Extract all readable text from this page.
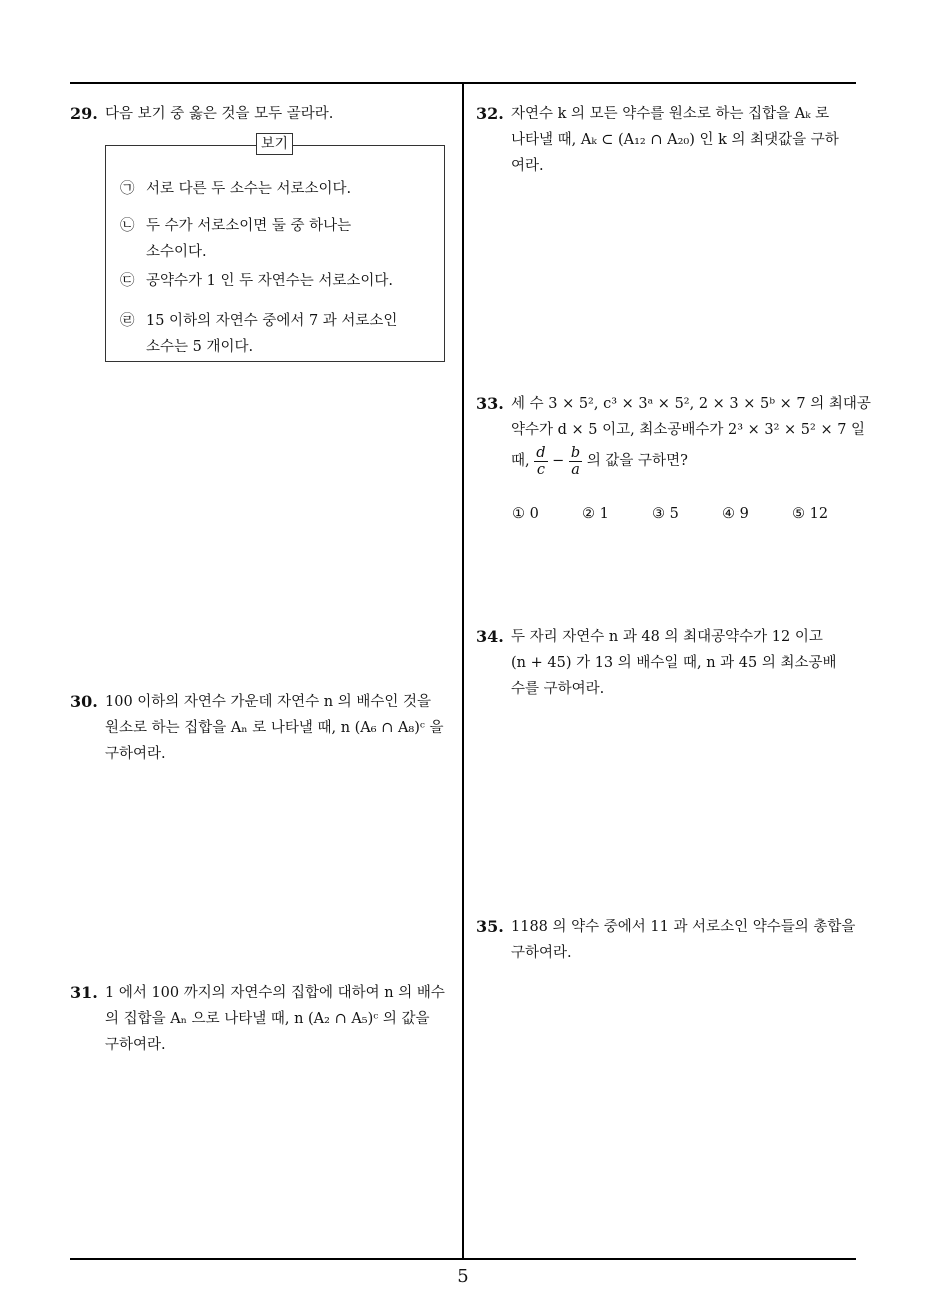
29. 다음 보기 중 옳은 것을 모두 골라라.
보기
㉠ 서로 다른 두 소수는 서로소이다.
㉡ 두 수가 서로소이면 둘 중 하나는
소수이다.
㉢ 공약수가 1 인 두 자연수는 서로소이다.
㉣ 15 이하의 자연수 중에서 7 과 서로소인
소수는 5 개이다.
30. 100 이하의 자연수 가운데 자연수 n 의 배수인 것을
원소로 하는 집합을 Aₙ 로 나타낼 때, n (A₆ ∩ A₈)ᶜ 을
구하여라.
31. 1 에서 100 까지의 자연수의 집합에 대하여 n 의 배수
의 집합을 Aₙ 으로 나타낼 때, n (A₂ ∩ A₅)ᶜ 의 값을
구하여라.
32. 자연수 k 의 모든 약수를 원소로 하는 집합을 Aₖ 로
나타낼 때, Aₖ ⊂ (A₁₂ ∩ A₂₀) 인 k 의 최댓값을 구하
여라.
33. 세 수 3 × 5², c³ × 3ᵃ × 5², 2 × 3 × 5ᵇ × 7 의 최대공
약수가 d × 5 이고, 최소공배수가 2³ × 3² × 5² × 7 일
때, $\frac{d}{c} - \frac{b}{a}$ 의 값을 구하면?
① 0	② 1	③ 5	④ 9	⑤ 12
34. 두 자리 자연수 n 과 48 의 최대공약수가 12 이고
(n + 45) 가 13 의 배수일 때, n 과 45 의 최소공배
수를 구하여라.
35. 1188 의 약수 중에서 11 과 서로소인 약수들의 총합을
구하여라.
5
